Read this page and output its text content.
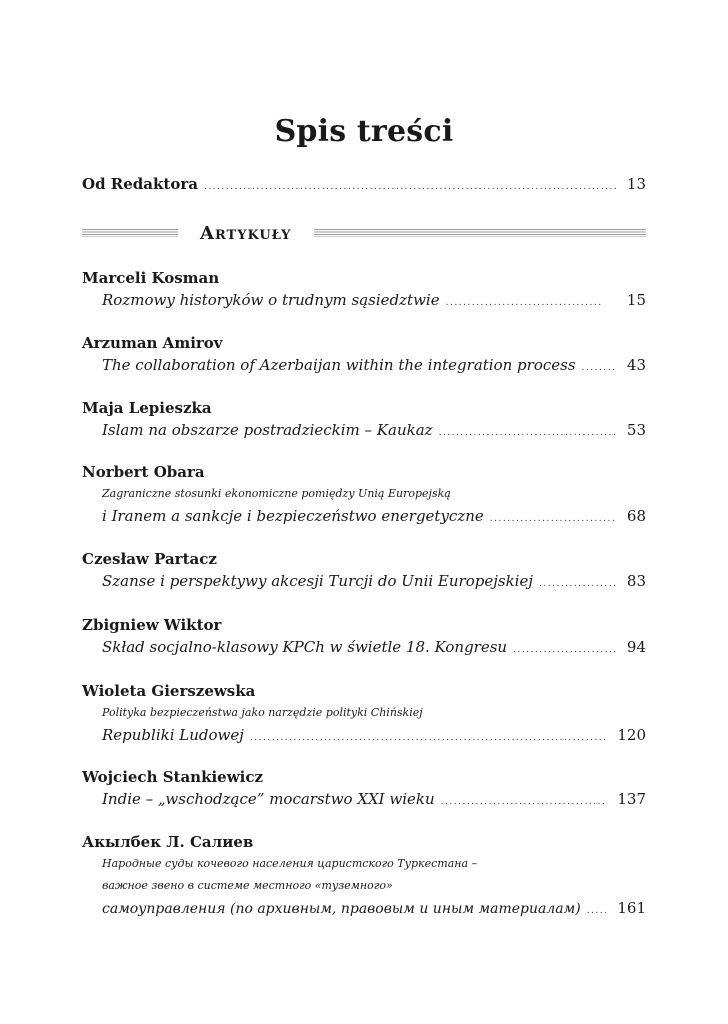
Spis treści
Od Redaktora .....	13
Artykuły
Marceli Kosman
Rozmowy historyków o trudnym sąsiedztwie .....	15
Arzuman Amirov
The collaboration of Azerbaijan within the integration process .....	43
Maja Lepieszka
Islam na obszarze postradzieckim – Kaukaz .....	53
Norbert Obara
Zagraniczne stosunki ekonomiczne pomiędzy Unią Europejską
i Iranem a sankcje i bezpieczeństwo energetyczne .....	68
Czesław Partacz
Szanse i perspektywy akcesji Turcji do Unii Europejskiej .....	83
Zbigniew Wiktor
Skład socjalno-klasowy KPCh w świetle 18. Kongresu .....	94
Wioleta Gierszewska
Polityka bezpieczeństwa jako narzędzie polityki Chińskiej
Republiki Ludowej .....	120
Wojciech Stankiewicz
Indie – „wschodzące” mocarstwo XXI wieku .....	137
Акылбек Л. Салиев
Народные суды кочевого населения царистского Туркестана –
важное звено в системе местного «туземного»
самоуправления (по архивным, правовым и иным материалам) ..... 161
